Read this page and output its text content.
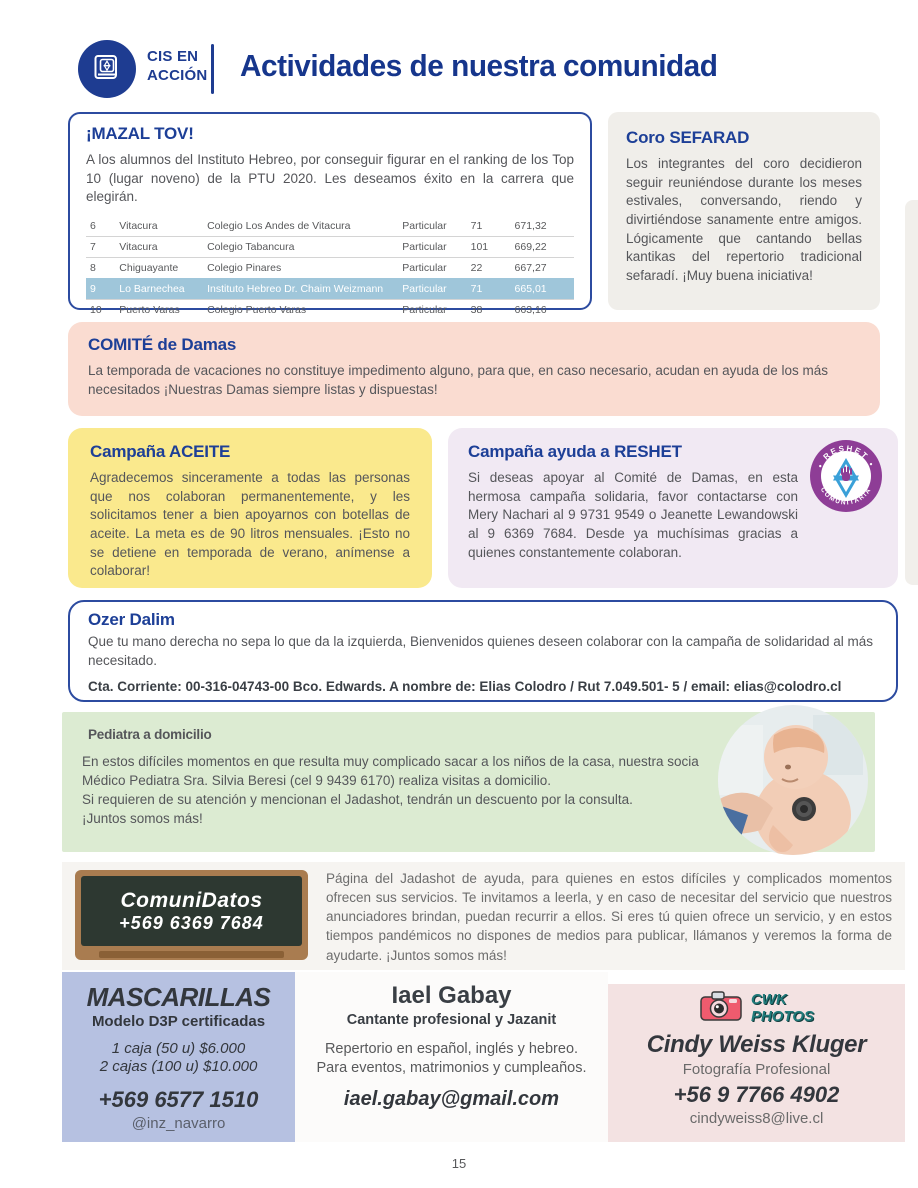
CIS EN
ACCIÓN Actividades de nuestra comunidad

¡MAZAL TOV!

A los alumnos del Instituto Hebreo, por conseguir figurar en el ranking de los Top 10 (lugar noveno) de la PTU 2020. Les deseamos éxito en la carrera que elegirán.

6	Vitacura	Colegio Los Andes de Vitacura	Particular	71	671,32
7	Vitacura	Colegio Tabancura	Particular	101	669,22
8	Chiguayante	Colegio Pinares	Particular	22	667,27
9	Lo Barnechea	Instituto Hebreo Dr. Chaim Weizmann	Particular	71	665,01
10	Puerto Varas	Colegio Puerto Varas	Particular	38	663,16

Coro SEFARAD

Los integrantes del coro decidieron seguir reuniéndose durante los meses estivales, conversando, riendo y divirtiéndose sanamente entre amigos. Lógicamente que cantando bellas kantikas del repertorio tradicional sefaradí. ¡Muy buena iniciativa!

COMITÉ de Damas

La temporada de vacaciones no constituye impedimento alguno, para que, en caso necesario, acudan en ayuda de los más necesitados ¡Nuestras Damas siempre listas y dispuestas!

Campaña ACEITE

Agradecemos sinceramente a todas las personas que nos colaboran permanentemente, y les solicitamos tener a bien apoyarnos con botellas de aceite. La meta es de 90 litros mensuales. ¡Esto no se detiene en temporada de verano, anímense a colaborar!

Campaña ayuda a RESHET

Si deseas apoyar al Comité de Damas, en esta hermosa campaña solidaria, favor contactarse con Mery Nachari al 9 9731 9549 o Jeanette Lewandowski al 9 6369 7684. Desde ya muchísimas gracias a quienes constantemente colaboran.

• RESHET •
COMUNITARIA

Ozer Dalim

Que tu mano derecha no sepa lo que da la izquierda, Bienvenidos quienes deseen colaborar con la campaña de solidaridad al más necesitado.

Cta. Corriente: 00-316-04743-00 Bco. Edwards. A nombre de: Elias Colodro / Rut 7.049.501- 5 / email: elias@colodro.cl

Pediatra a domicilio

En estos difíciles momentos en que resulta muy complicado sacar a los niños de la casa, nuestra socia Médico Pediatra Sra. Silvia Beresi (cel 9 9439 6170) realiza visitas a domicilio.

Si requieren de su atención y mencionan el Jadashot, tendrán un descuento por la consulta.

¡Juntos somos más!

ComuniDatos
+569 6369 7684

Página del Jadashot de ayuda, para quienes en estos difíciles y complicados momentos ofrecen sus servicios. Te invitamos a leerla, y en caso de necesitar del servicio que nuestros anunciadores brindan, puedan recurrir a ellos. Si eres tú quien ofrece un servicio, y en estos tiempos pandémicos no dispones de medios para publicar, llámanos y veremos la forma de ayudarte. ¡Juntos somos más!

MASCARILLAS

Modelo D3P certificadas

1 caja (50 u) $6.000

2 cajas (100 u) $10.000

+569 6577 1510

@inz_navarro

Iael Gabay

Cantante profesional y Jazanit

Repertorio en español, inglés y hebreo. Para eventos, matrimonios y cumpleaños.

iael.gabay@gmail.com

CWK
PHOTOS

Cindy Weiss Kluger

Fotografía Profesional

+56 9 7766 4902

cindyweiss8@live.cl

15
